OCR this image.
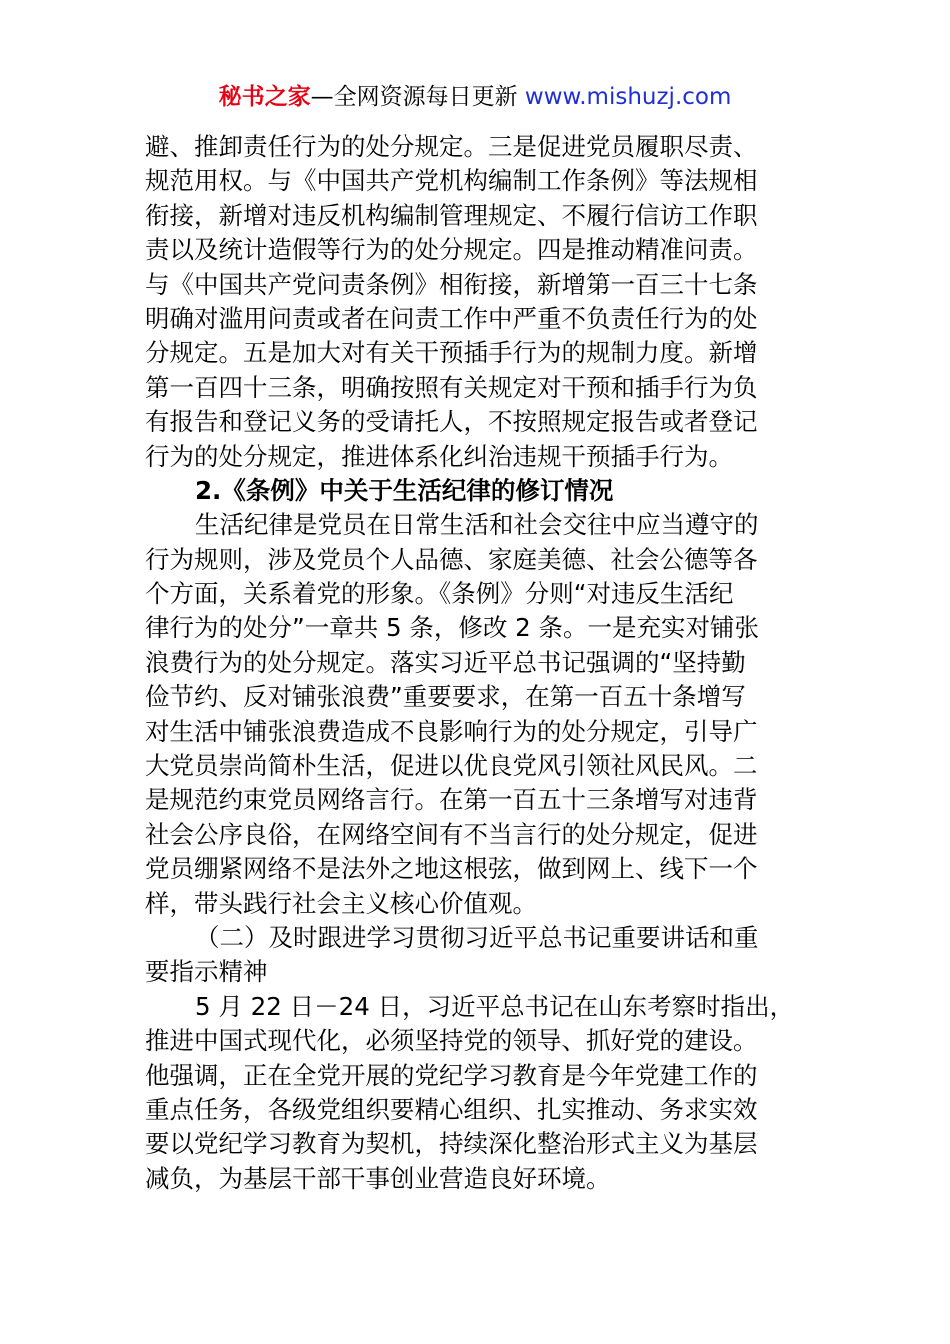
秘书之家—全网资源每日更新 www.mishuzj.com
避、推卸责任行为的处分规定。三是促进党员履职尽责、
规范用权。与《中国共产党机构编制工作条例》等法规相
衔接，新增对违反机构编制管理规定、不履行信访工作职
责以及统计造假等行为的处分规定。四是推动精准问责。
与《中国共产党问责条例》相衔接，新增第一百三十七条
明确对滥用问责或者在问责工作中严重不负责任行为的处
分规定。五是加大对有关干预插手行为的规制力度。新增
第一百四十三条，明确按照有关规定对干预和插手行为负
有报告和登记义务的受请托人，不按照规定报告或者登记
行为的处分规定，推进体系化纠治违规干预插手行为。
2.《条例》中关于生活纪律的修订情况
生活纪律是党员在日常生活和社会交往中应当遵守的
行为规则，涉及党员个人品德、家庭美德、社会公德等各
个方面，关系着党的形象。《条例》分则“对违反生活纪
律行为的处分”一章共 5 条，修改 2 条。一是充实对铺张
浪费行为的处分规定。落实习近平总书记强调的“坚持勤
俭节约、反对铺张浪费”重要要求，在第一百五十条增写
对生活中铺张浪费造成不良影响行为的处分规定，引导广
大党员崇尚简朴生活，促进以优良党风引领社风民风。二
是规范约束党员网络言行。在第一百五十三条增写对违背
社会公序良俗，在网络空间有不当言行的处分规定，促进
党员绷紧网络不是法外之地这根弦，做到网上、线下一个
样，带头践行社会主义核心价值观。
（二）及时跟进学习贯彻习近平总书记重要讲话和重
要指示精神
5 月 22 日－24 日，习近平总书记在山东考察时指出，
推进中国式现代化，必须坚持党的领导、抓好党的建设。
他强调，正在全党开展的党纪学习教育是今年党建工作的
重点任务，各级党组织要精心组织、扎实推动、务求实效
要以党纪学习教育为契机，持续深化整治形式主义为基层
减负，为基层干部干事创业营造良好环境。
